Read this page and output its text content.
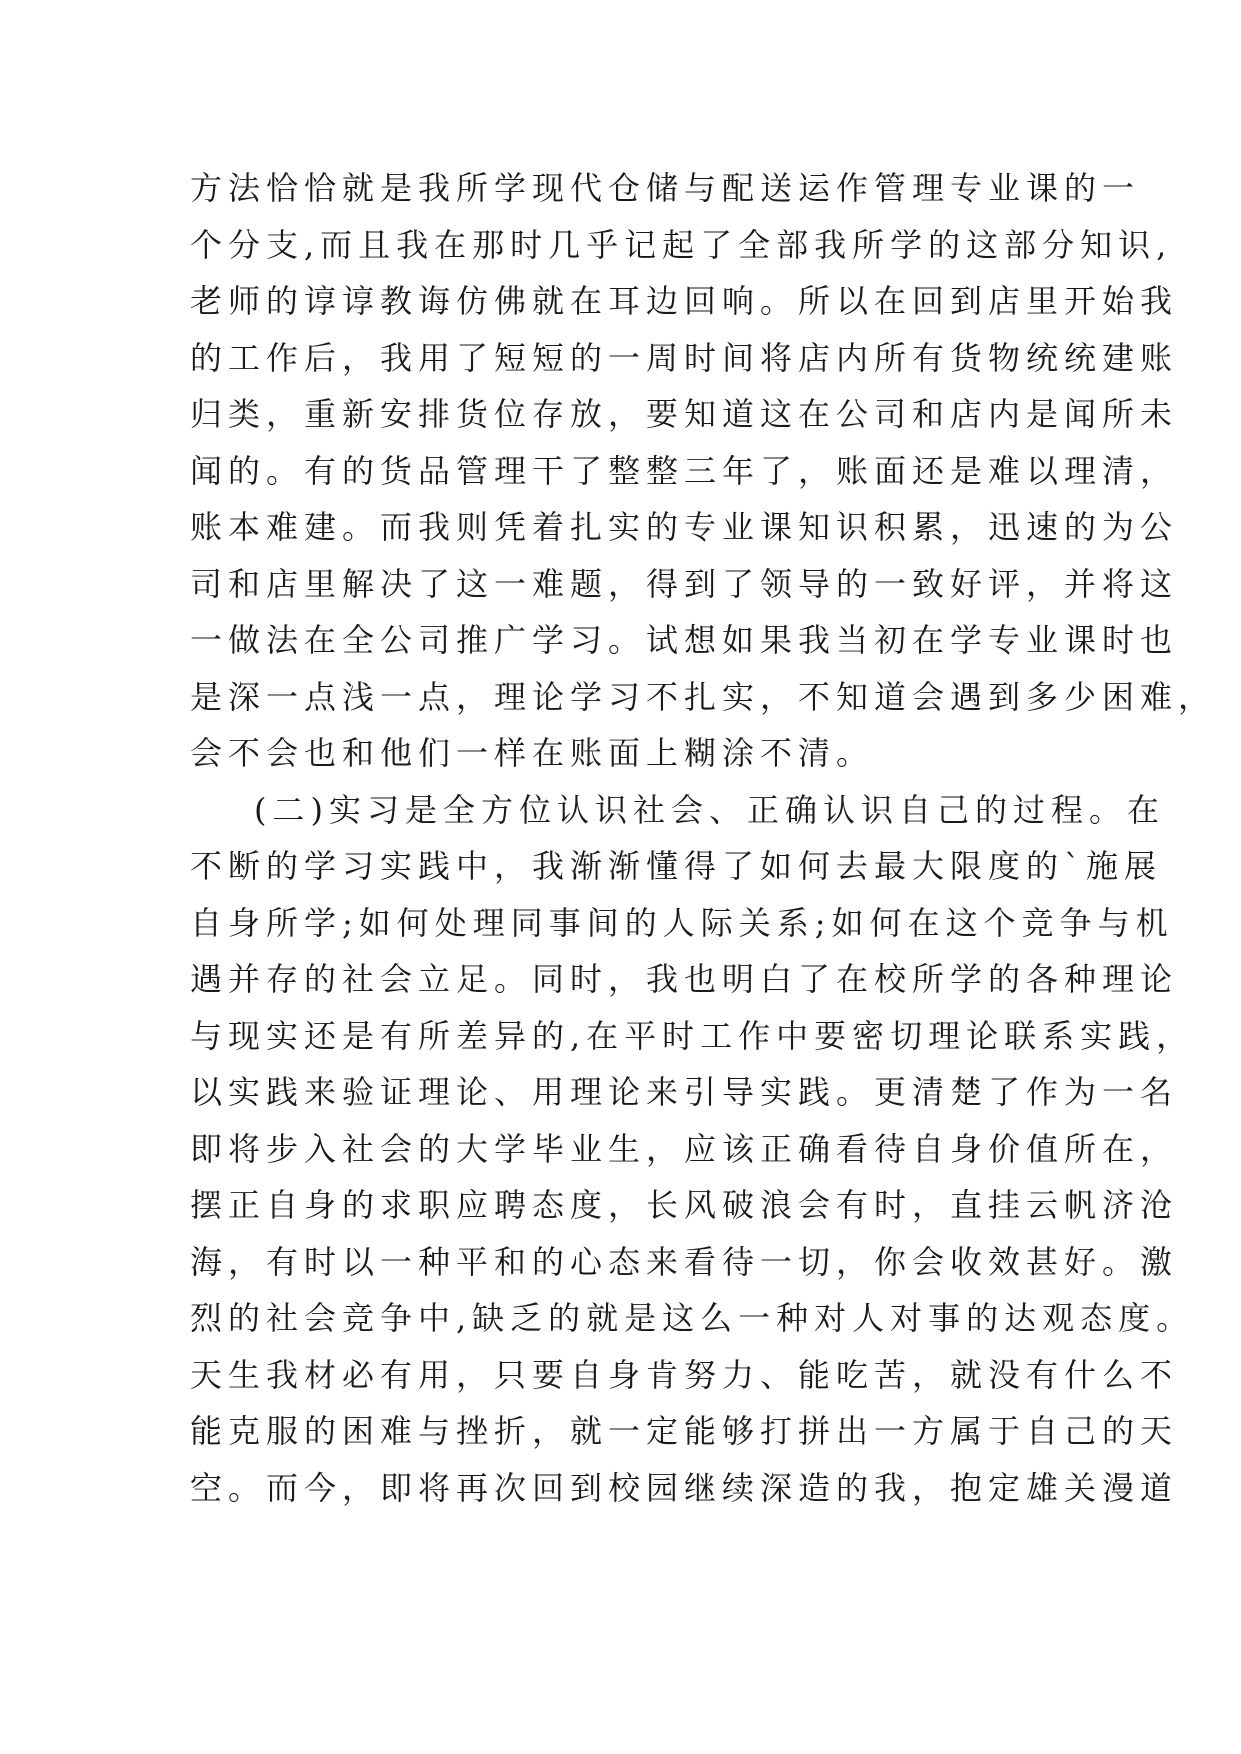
方法恰恰就是我所学现代仓储与配送运作管理专业课的一
个分支,而且我在那时几乎记起了全部我所学的这部分知识,
老师的谆谆教诲仿佛就在耳边回响。所以在回到店里开始我
的工作后，我用了短短的一周时间将店内所有货物统统建账
归类，重新安排货位存放，要知道这在公司和店内是闻所未
闻的。有的货品管理干了整整三年了，账面还是难以理清，
账本难建。而我则凭着扎实的专业课知识积累，迅速的为公
司和店里解决了这一难题，得到了领导的一致好评，并将这
一做法在全公司推广学习。试想如果我当初在学专业课时也
是深一点浅一点，理论学习不扎实，不知道会遇到多少困难，
会不会也和他们一样在账面上糊涂不清。
(二)实习是全方位认识社会、正确认识自己的过程。在
不断的学习实践中，我渐渐懂得了如何去最大限度的`施展
自身所学;如何处理同事间的人际关系;如何在这个竞争与机
遇并存的社会立足。同时，我也明白了在校所学的各种理论
与现实还是有所差异的,在平时工作中要密切理论联系实践，
以实践来验证理论、用理论来引导实践。更清楚了作为一名
即将步入社会的大学毕业生，应该正确看待自身价值所在，
摆正自身的求职应聘态度，长风破浪会有时，直挂云帆济沧
海，有时以一种平和的心态来看待一切，你会收效甚好。激
烈的社会竞争中,缺乏的就是这么一种对人对事的达观态度。
天生我材必有用，只要自身肯努力、能吃苦，就没有什么不
能克服的困难与挫折，就一定能够打拼出一方属于自己的天
空。而今，即将再次回到校园继续深造的我，抱定雄关漫道
